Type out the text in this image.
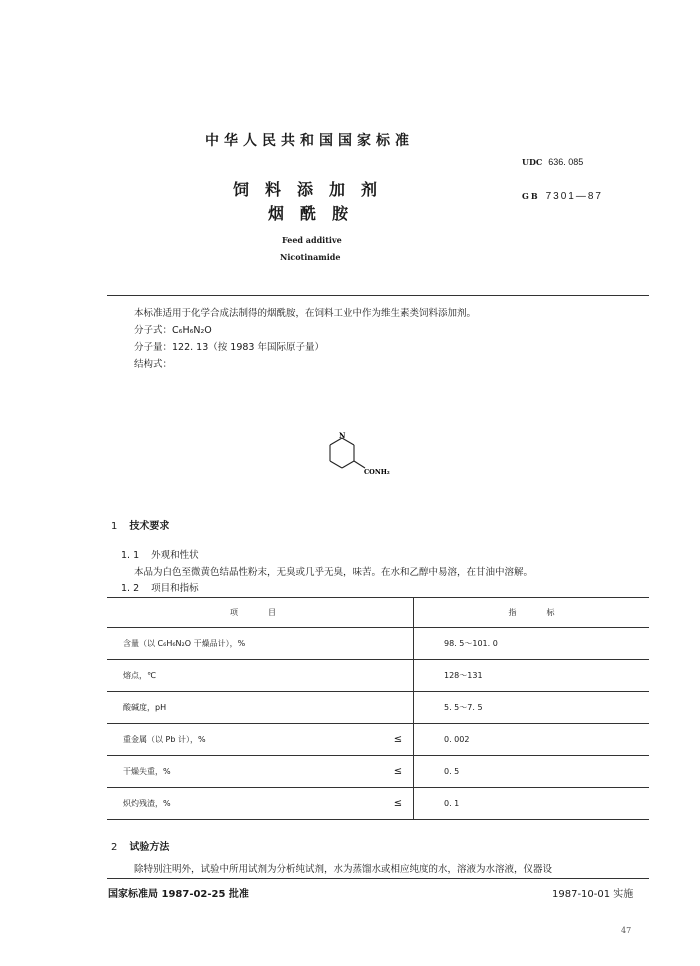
中华人民共和国国家标准
饲料添加剂
烟酰胺
Feed additive
Nicotinamide
UDC 636. 085
GB 7301—87
本标准适用于化学合成法制得的烟酰胺，在饲料工业中作为维生素类饲料添加剂。
分子式：C₆H₆N₂O
分子量：122. 13（按 1983 年国际原子量）
结构式：
N
CONH₂
1 技术要求
1. 1 外观和性状
本品为白色至微黄色结晶性粉末，无臭或几乎无臭，味苦。在水和乙醇中易溶，在甘油中溶解。
1. 2 项目和指标
项目		指标
含量（以 C₆H₆N₂O 干燥品计），%		98. 5～101. 0
熔点，℃		128～131
酸碱度，pH		5. 5～7. 5
重金属（以 Pb 计），%	≤	0. 002
干燥失重，%	≤	0. 5
炽灼残渣，%	≤	0. 1
2 试验方法
除特别注明外，试验中所用试剂为分析纯试剂，水为蒸馏水或相应纯度的水，溶液为水溶液，仪器设
国家标准局 1987-02-25 批准	1987-10-01 实施
47
